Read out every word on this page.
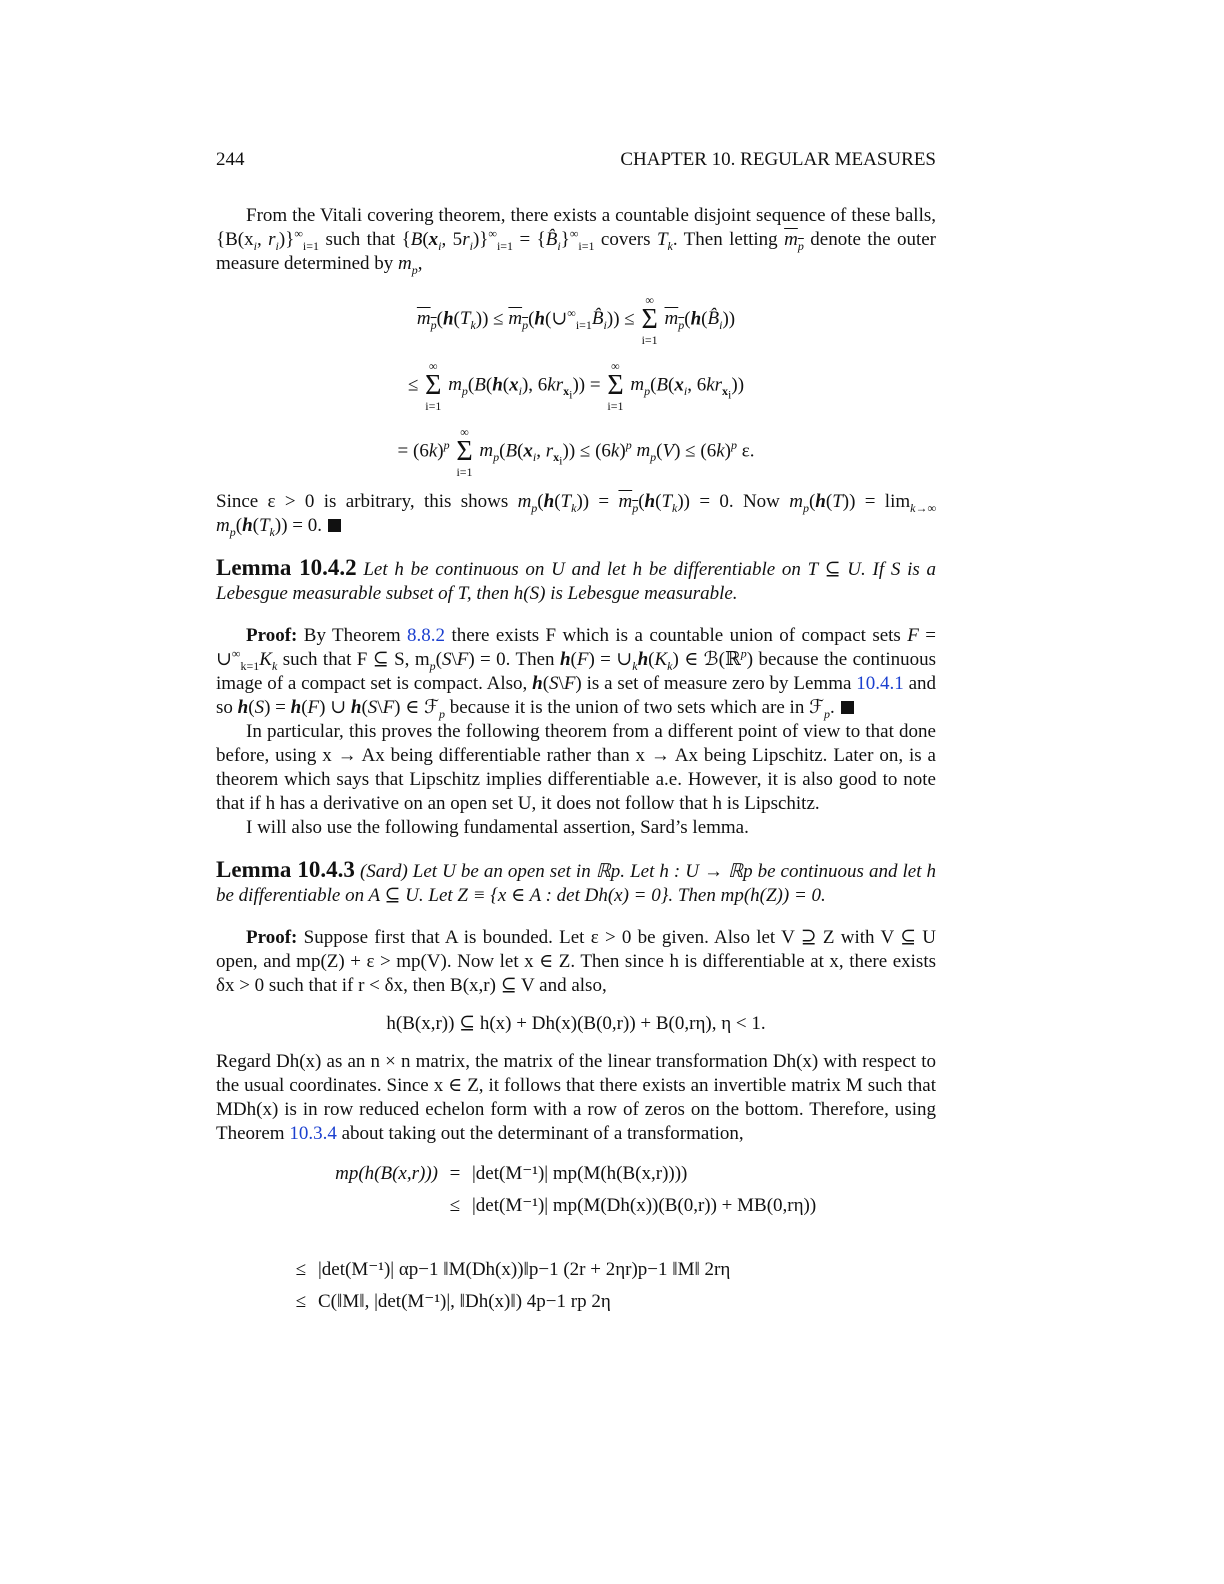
244	CHAPTER 10. REGULAR MEASURES

From the Vitali covering theorem, there exists a countable disjoint sequence of these balls, {$B(x_i$, $r_i)\}^\infty_{i=1}$ such that {$B(x_i$, $5r_i)\}^\infty_{i=1}$ = $\{B̂_i\}^\infty_{i=1}$ covers $T_k$. Then letting $m_p$ denote the outer measure determined by $m_p$,

$m_p(h(T_k))$ ≤ $m_p(h(\cup^\infty_{i=1}B̂_i))$ ≤
∞
Σ
i=1
$m_p(h(B̂_i))$
≤
∞
Σ
i=1
$m_p(B(h(x_i)$, $6kr_{x_i}$)) =
∞
Σ
i=1
$m_p(B(x_i$, $6kr_{x_i}$))
= $(6k)^p$
∞
Σ
i=1
$m_p(B(x_i$, $r_{x_i})) \le (6k)^p$ $m_p(V) \le (6k)^p$ ε.

Since ε > 0 is arbitrary, this shows $m_p(h(T_k)) = m_p(h(T_k)) = 0$. Now $m_p(h(T)) = \lim_{k\to\infty} m_p(h(T_k)) = 0$.

Lemma 10.4.2 Let h be continuous on U and let h be differentiable on T ⊆ U. If S is a Lebesgue measurable subset of T, then h(S) is Lebesgue measurable.

Proof: By Theorem 8.8.2 there exists F which is a countable union of compact sets $F = \cup^\infty_{k=1}K_k$ such that F ⊆ S, $m_p(S\backslash F) = 0$. Then $h(F) = \cup_kh(K_k)$ ∈ ℬ(ℝ$^p$) because the continuous image of a compact set is compact. Also, h(S\F) is a set of measure zero by Lemma 10.4.1 and so h(S) = h(F) ∪ h(S\F) ∈ ℱ$_p$ because it is the union of two sets which are in ℱ$_p$.

In particular, this proves the following theorem from a different point of view to that done before, using x → Ax being differentiable rather than x → Ax being Lipschitz. Later on, is a theorem which says that Lipschitz implies differentiable a.e. However, it is also good to note that if h has a derivative on an open set U, it does not follow that h is Lipschitz.

I will also use the following fundamental assertion, Sard’s lemma.

Lemma 10.4.3 (Sard) Let U be an open set in ℝp. Let h : U → ℝp be continuous and let h be differentiable on A ⊆ U. Let Z ≡ {x ∈ A : det Dh(x) = 0}. Then mp(h(Z)) = 0.

Proof: Suppose first that A is bounded. Let ε > 0 be given. Also let V ⊇ Z with V ⊆ U open, and mp(Z) + ε > mp(V). Now let x ∈ Z. Then since h is differentiable at x, there exists δx > 0 such that if r < δx, then B(x,r) ⊆ V and also,

h(B(x,r)) ⊆ h(x) + Dh(x)(B(0,r)) + B(0,rη), η < 1.

Regard Dh(x) as an n × n matrix, the matrix of the linear transformation Dh(x) with respect to the usual coordinates. Since x ∈ Z, it follows that there exists an invertible matrix M such that MDh(x) is in row reduced echelon form with a row of zeros on the bottom. Therefore, using Theorem 10.3.4 about taking out the determinant of a transformation,

mp(h(B(x,r))) = |det(M⁻¹)| mp(M(h(B(x,r))))
≤ |det(M⁻¹)| mp(M(Dh(x))(B(0,r)) + MB(0,rη))
≤ |det(M⁻¹)| αp−1 ‖M(Dh(x))‖p−1 (2r + 2ηr)p−1 ‖M‖ 2rη
≤ C(‖M‖, |det(M⁻¹)|, ‖Dh(x)‖) 4p−1 rp 2η
